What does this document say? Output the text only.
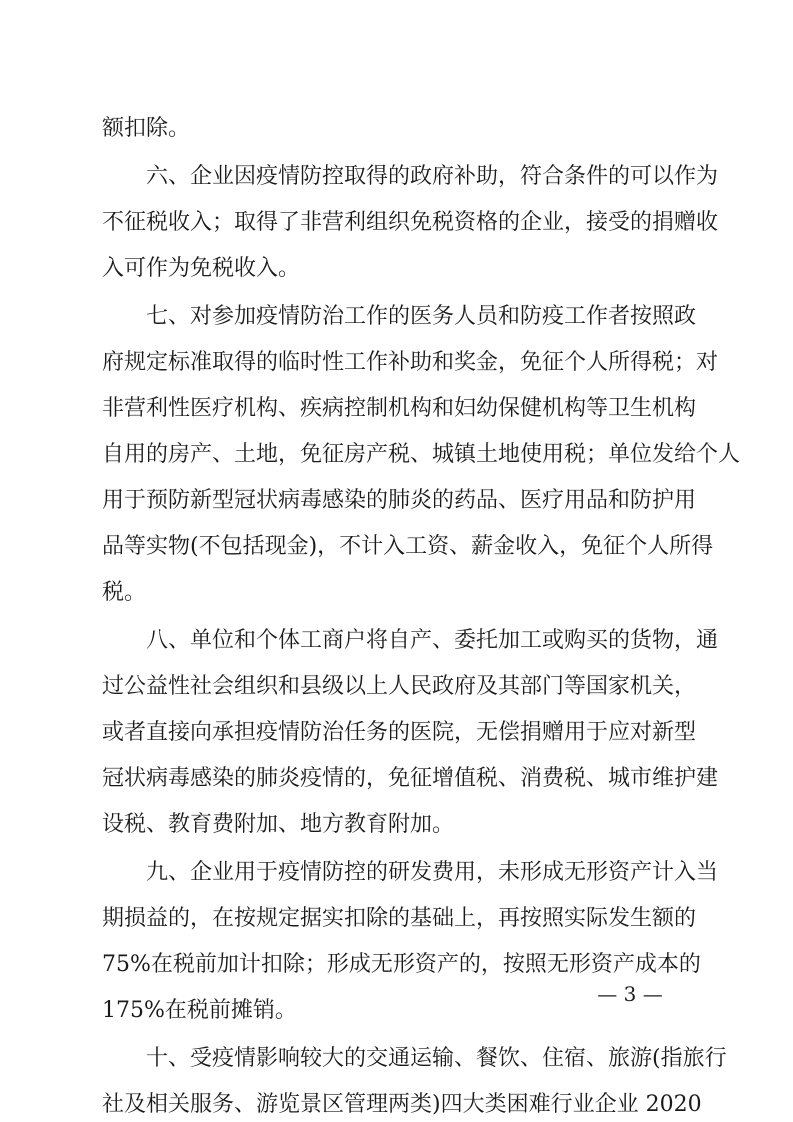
额扣除。
六、企业因疫情防控取得的政府补助，符合条件的可以作为
不征税收入；取得了非营利组织免税资格的企业，接受的捐赠收
入可作为免税收入。
七、对参加疫情防治工作的医务人员和防疫工作者按照政
府规定标准取得的临时性工作补助和奖金，免征个人所得税；对
非营利性医疗机构、疾病控制机构和妇幼保健机构等卫生机构
自用的房产、土地，免征房产税、城镇土地使用税；单位发给个人
用于预防新型冠状病毒感染的肺炎的药品、医疗用品和防护用
品等实物(不包括现金)，不计入工资、薪金收入，免征个人所得
税。
八、单位和个体工商户将自产、委托加工或购买的货物，通
过公益性社会组织和县级以上人民政府及其部门等国家机关，
或者直接向承担疫情防治任务的医院，无偿捐赠用于应对新型
冠状病毒感染的肺炎疫情的，免征增值税、消费税、城市维护建
设税、教育费附加、地方教育附加。
九、企业用于疫情防控的研发费用，未形成无形资产计入当
期损益的，在按规定据实扣除的基础上，再按照实际发生额的
75%在税前加计扣除；形成无形资产的，按照无形资产成本的
175%在税前摊销。
十、受疫情影响较大的交通运输、餐饮、住宿、旅游(指旅行
社及相关服务、游览景区管理两类)四大类困难行业企业 2020
— 3 —
